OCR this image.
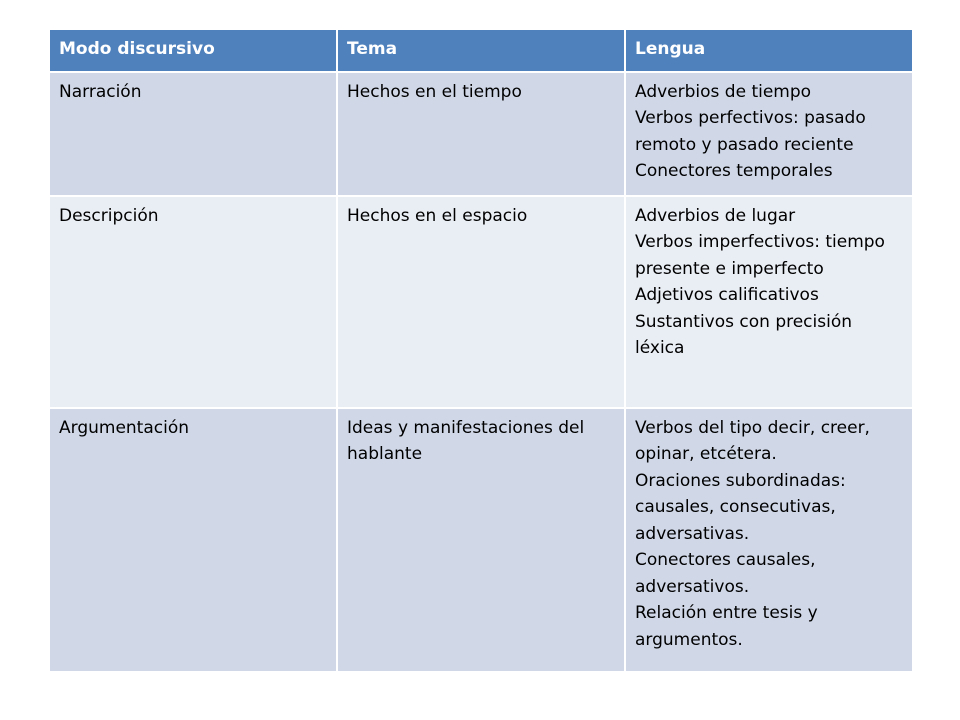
Modo discursivo	Tema	Lengua
Narración	Hechos en el tiempo	Adverbios de tiempo
Verbos perfectivos: pasado remoto y pasado reciente
Conectores temporales
Descripción	Hechos en el espacio	Adverbios de lugar
Verbos imperfectivos: tiempo presente e imperfecto
Adjetivos calificativos
Sustantivos con precisión léxica
Argumentación	Ideas y manifestaciones del hablante	Verbos del tipo decir, creer, opinar, etcétera.
Oraciones subordinadas: causales, consecutivas, adversativas.
Conectores causales, adversativos.
Relación entre tesis y argumentos.
